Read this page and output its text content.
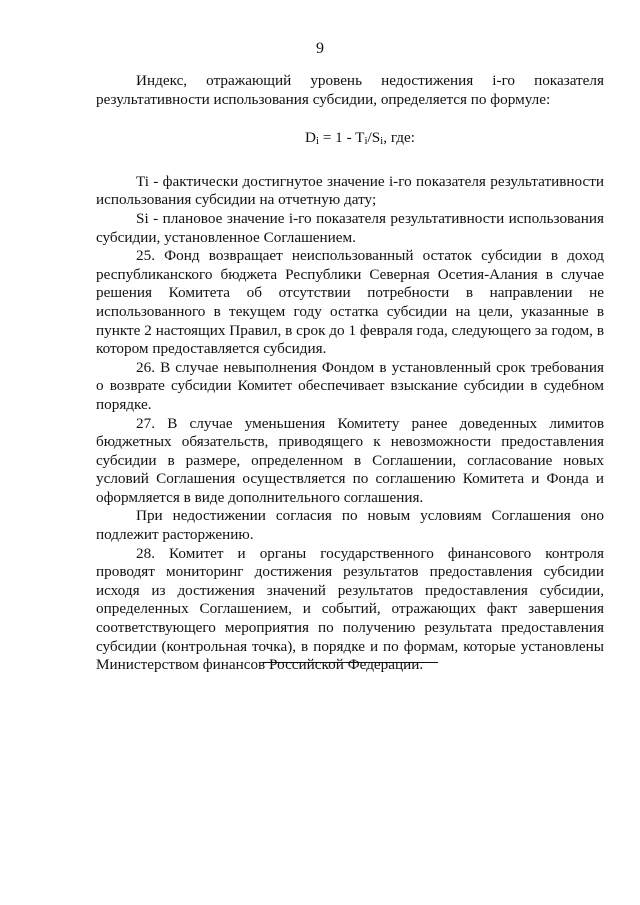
9

Индекс, отражающий уровень недостижения i-го показателя результативности использования субсидии, определяется по формуле:

$D_i = 1 - T_i/S_i$, где:

Ti - фактически достигнутое значение i-го показателя результативности использования субсидии на отчетную дату;

Si - плановое значение i-го показателя результативности использования субсидии, установленное Соглашением.

25. Фонд возвращает неиспользованный остаток субсидии в доход республиканского бюджета Республики Северная Осетия-Алания в случае решения Комитета об отсутствии потребности в направлении не использованного в текущем году остатка субсидии на цели, указанные в пункте 2 настоящих Правил, в срок до 1 февраля года, следующего за годом, в котором предоставляется субсидия.

26. В случае невыполнения Фондом в установленный срок требования о возврате субсидии Комитет обеспечивает взыскание субсидии в судебном порядке.

27. В случае уменьшения Комитету ранее доведенных лимитов бюджетных обязательств, приводящего к невозможности предоставления субсидии в размере, определенном в Соглашении, согласование новых условий Соглашения осуществляется по соглашению Комитета и Фонда и оформляется в виде дополнительного соглашения.

При недостижении согласия по новым условиям Соглашения оно подлежит расторжению.

28. Комитет и органы государственного финансового контроля проводят мониторинг достижения результатов предоставления субсидии исходя из достижения значений результатов предоставления субсидии, определенных Соглашением, и событий, отражающих факт завершения соответствующего мероприятия по получению результата предоставления субсидии (контрольная точка), в порядке и по формам, которые установлены Министерством финансов Российской Федерации.
